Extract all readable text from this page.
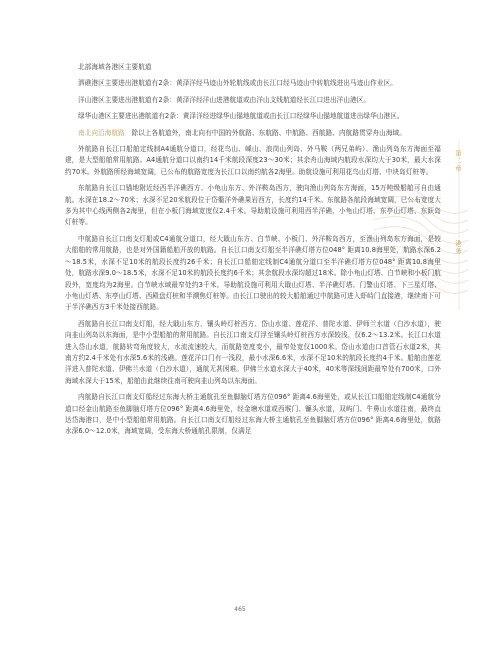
第二章
港务

北部海域各港区主要航道

泗礁港区主要进出港航道有2条：黄泽洋经马迹山外轮航线或由长江口经马迹山中转航线进出马迹山作业区。

洋山港区主要进出港航道有2条：黄泽洋经洋山进港航道或由洋山支线航道经长江口进出洋山港区。

绿华山港区主要进出港航道有2条：黄泽洋经进绿华山锚地航道或由长江口经绿华山锚地航道进出绿华山港区。

南北向沿海航路 除以上各航道外，南北向有中国的外航路、东航路、中航路、西航路、内航路贯穿舟山海域。

外航路自长江口船舶定线制A4通航分道口，经花鸟山、嵊山、浪岗山列岛、外马鞍（两兄弟屿）、渔山列岛东方海面至福建，是大型船舶常用航路。A4通航分道口以南约14千米航段深度23～30米；其余舟山海域内航段水深均大于30米，最大水深约70米。外航路所经海域宽阔，已公布的航路宽度为长江口以南约航各2海里。助航设施可利用花鸟山灯塔、中块岛灯桩等。

东航路自长江口锚地附近经西半洋礁西方、小龟山东方、外洋鞍岛西方，驶向渔山列岛东方海面，15万吨级船舶可自由通航。水深在18.2～70米；水深不足20米航段位于岱衢洋外礁果岩西方，长度约14千米。东航路各航段海域宽阔，已公布宽度大多为其中心线两侧各2海里，但在小板门海域宽度仅2.4千米。导助航设施可利用西半洋礁、小龟山灯塔、东亭山灯塔、东跃岛灯桩等。

中航路自长江口南支灯船或C4通航分道口，经大戢山东方、白节峡、小板门、外洋鞍岛西方，至渔山列岛东方海面，是较大船舶的常用航路，也是对外国籍船舶开放的航路。自长江口南支灯船至半洋礁灯塔方位048° 距离10.8海里处，航路水深6.2～18.5米，水深不足10米的航段长度约26千米；自长江口船舶定线制C4通航分道口至半洋礁灯塔方位048° 距离10.8海里处，航路水深9.0～18.5米，水深不足10米的航段长度约6千米；其余航段水深均超过18米。除小龟山灯塔、白节峡和小板门航段外，宽度均为2海里。白节峡水域最窄处约3千米。导助航设施可利用大戢山灯塔、半洋礁灯塔、门警山灯塔、下三星灯塔、小龟山灯塔、东亭山灯塔、西殿盘灯桩和半溯焦灯桩等。由长江口驶出的较大船舶通过中航路可进入虾峙门直接港，继续南下可于半洋礁西方3千米处接西航路。

西航路自长江口南支灯船，经大戢山东方、镶头岭灯桩西方、岱山水道、莲花洋、普陀水道、伊师兰水道（白沙水道），驶向韭山列岛以东海面，是中小型船舶的常用航路。自长江口南支灯浮至镶头岭灯桩西方水深较浅，仅6.2～13.2米。长江口水道进入岱山水道，航路转弯角度较大，水流流速较大，而航路宽度变小，最窄处宽仅1000米。岱山水道由口首管石水道2米，其南方约2.4千米处有水深5.6米的浅礁。莲花洋口门有一浅段，最小水深6.6米，水深不足10米的航段长度约4千米。船舶由莲花洋进入普陀水道、伊佛兰水道（白沙水道），通航无甚困难。伊佛兰水道水深大于40米，40米等深线间距最窄处有700米，口外海域水深大于15米，船舶由此继续往南可驶向韭山列岛以东海面。

内航路自长江口南支灯船经过东海大桥主通航孔至鱼脚脑灯塔方位096° 距离4.6海里处，或从长江口船舶定线制C4通航分道口经金山航路至鱼脚脑灯塔方位096° 距离4.6海里处，经金塘水道或西堠门、镰头水道，双屿门、牛鼻山水道往南，最终直达岱海港口，是中小型船舶常用航路。自长江口南支灯船经过东海大桥主通航孔至鱼脚脑灯塔方位096° 距离4.6海里处，航路水深6.0～12.0米，海域宽阔，受东海大桥通航孔限制，仅满足

465
